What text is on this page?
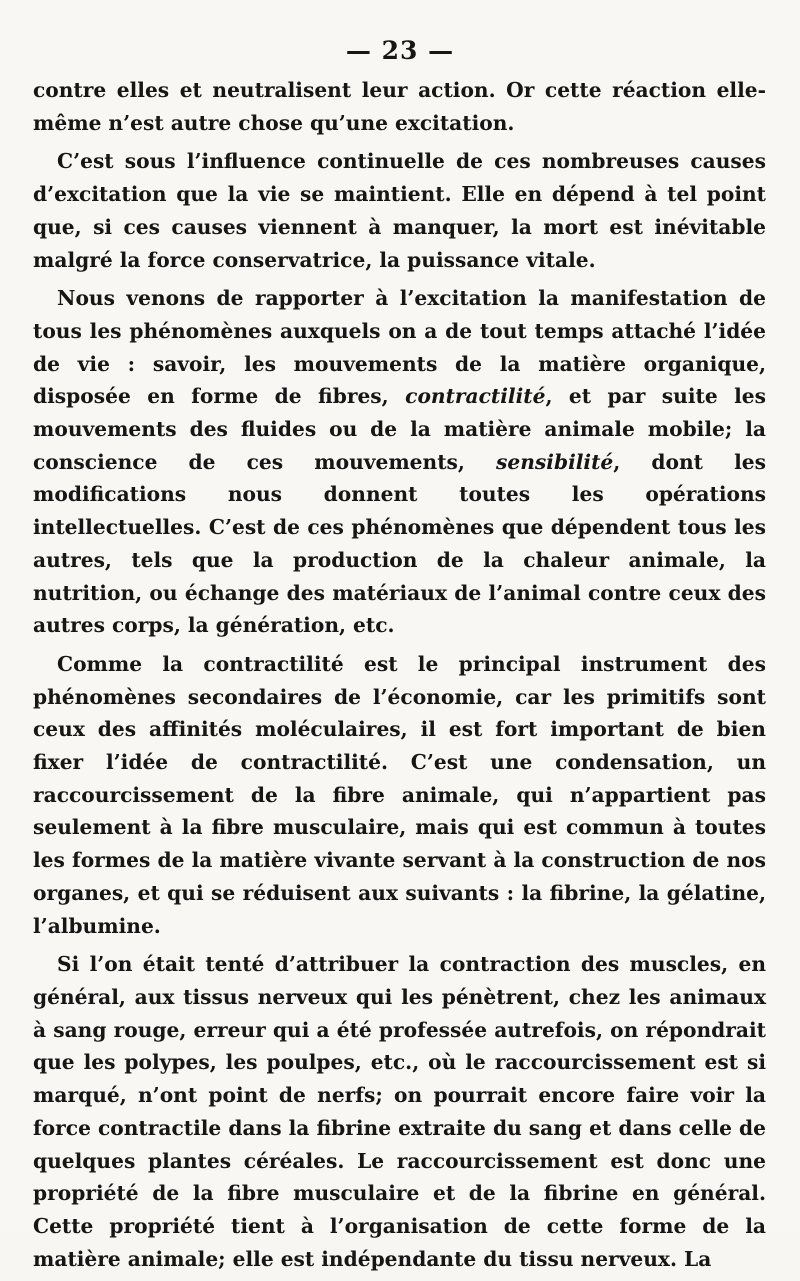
— 23 —

contre elles et neutralisent leur action. Or cette réaction elle-même n’est autre chose qu’une excitation.

C’est sous l’influence continuelle de ces nombreuses causes d’excitation que la vie se maintient. Elle en dépend à tel point que, si ces causes viennent à manquer, la mort est inévitable malgré la force conservatrice, la puissance vitale.

Nous venons de rapporter à l’excitation la manifestation de tous les phénomènes auxquels on a de tout temps attaché l’idée de vie : savoir, les mouvements de la matière organique, disposée en forme de fibres, contractilité, et par suite les mouvements des fluides ou de la matière animale mobile; la conscience de ces mouvements, sensibilité, dont les modifications nous donnent toutes les opérations intellectuelles. C’est de ces phénomènes que dépendent tous les autres, tels que la production de la chaleur animale, la nutrition, ou échange des matériaux de l’animal contre ceux des autres corps, la génération, etc.

Comme la contractilité est le principal instrument des phénomènes secondaires de l’économie, car les primitifs sont ceux des affinités moléculaires, il est fort important de bien fixer l’idée de contractilité. C’est une condensation, un raccourcissement de la fibre animale, qui n’appartient pas seulement à la fibre musculaire, mais qui est commun à toutes les formes de la matière vivante servant à la construction de nos organes, et qui se réduisent aux suivants : la fibrine, la gélatine, l’albumine.

Si l’on était tenté d’attribuer la contraction des muscles, en général, aux tissus nerveux qui les pénètrent, chez les animaux à sang rouge, erreur qui a été professée autrefois, on répondrait que les polypes, les poulpes, etc., où le raccourcissement est si marqué, n’ont point de nerfs; on pourrait encore faire voir la force contractile dans la fibrine extraite du sang et dans celle de quelques plantes céréales. Le raccourcissement est donc une propriété de la fibre musculaire et de la fibrine en général. Cette propriété tient à l’organisation de cette forme de la matière animale; elle est indépendante du tissu nerveux. La
